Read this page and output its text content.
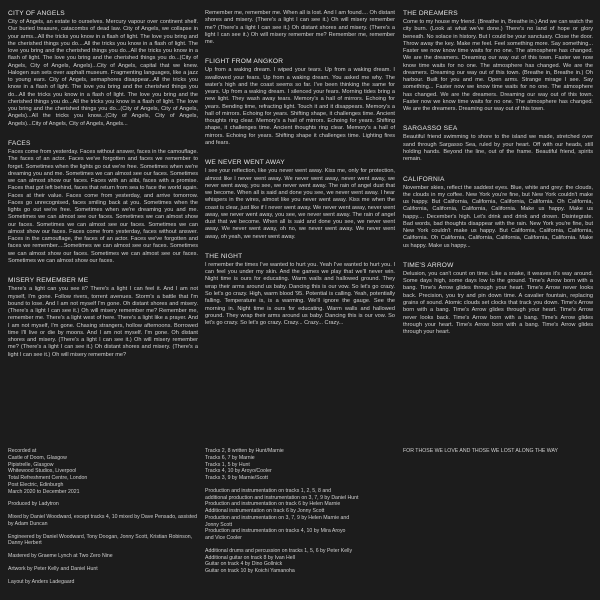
CITY OF ANGELS

City of Angels, an estate to ourselves. Mercury vapour over continent shelf. Our buried treasure, catacombs of dead law. City of Angels, we collapse in your arms...All the tricks you know in a flash of light. The love you bring and the cherished things you do....All the tricks you know in a flash of light. The love you bring and the cherished things you do...All the tricks you know in a flash of light. The love you bring and the cherished things you do...(City of Angels, City of Angels, Angels)...City of Angels, capital that we knew. Halogen sun sets over asphalt museum. Fragmenting languages, like a jazz to young ears. City of Angels, semaphores disappear...All the tricks you know in a flash of light. The love you bring and the cherished things you do...All the tricks you know in a flash of light. The love you bring and the cherished things you do...All the tricks you know in a flash of light. The love you bring and the cherished things you do...(City of Angels, City of Angels, Angels)...All the tricks you know...(City of Angels, City of Angels, Angels)...City of Angels, City of Angels, Angels...

FACES

Faces come from yesterday. Faces without answer, faces in the camouflage. The faces of an actor. Faces we've forgotten and faces we remember to forget. Sometimes when the lights go out we're free. Sometimes when we're dreaming you and me. Sometimes we can almost see our faces. Sometimes we can almost show our faces. Faces with an alibi, faces with a promise. Faces that got left behind, faces that return from sea to face the world again. Faces at their value. Faces come from yesterday, and arrive tomorrow. Faces go unrecognised, faces smiling back at you. Sometimes when the lights go out we're free. Sometimes when we're dreaming you and me. Sometimes we can almost see our faces. Sometimes we can almost show our faces. Sometimes we can almost see our faces. Sometimes we can almost show our faces. Faces come from yesterday, faces without answer. Faces in the camouflage, the faces of an actor. Faces we've forgotten and faces we remember....Sometimes we can almost see our faces. Sometimes we can almost show our faces. Sometimes we can almost see our faces. Sometimes we can almost show our faces.

MISERY REMEMBER ME

There's a light can you see it? There's a light I can feel it. And I am not myself, I'm gone. Follow rivers, torrent avenues. Storm's a battle that I'm bound to lose. And I am not myself I'm gone. Oh distant shores and misery. (There's a light I can see it.) Oh will misery remember me? Remember me, remember me. There's a light west of here. There's a light like a prayer. And I am not myself, I'm gone. Chasing strangers, hollow afternoons. Borrowed time I'll live or die by moons. And I am not myself. I'm gone. Oh distant shores and misery. (There's a light I can see it.) Oh will misery remember me? (There's a light I can see it.) Oh distant shores and misery. (There's a light I can see it.) Oh will misery remember me?

Remember me, remember me. When all is lost. And I am found.... Oh distant shores and misery. (There's a light I can see it.) Oh will misery remember me? (There's a light I can see it.) Oh distant shores and misery. (There's a light I can see it.) Oh will misery remember me? Remember me, remember me.

FLIGHT FROM ANGKOR

Up from a waking dream. I wiped your tears. Up from a waking dream. I swallowed your fears. Up from a waking dream. You asked me why. The water's high and the coast seems so far. I've been thinking the same for years. Up from a waking dream. I silenced your fears. Morning tides bring a new light. They wash away tears. Memory's a hall of mirrors. Echoing for years. Bending time, refracting light. Touch it and it disappears. Memory's a hall of mirrors. Echoing for years. Shifting shape, it challenges time. Ancient thoughts ring clear. Memory's a hall of mirrors. Echoing for years. Shifting shape, it challenges time. Ancient thoughts ring clear. Memory's a hall of mirrors. Echoing for years. Shifting shape it challenges time. Lighting fires and fears.

WE NEVER WENT AWAY

I see your reflection, like you never went away. Kiss me, only for protection, almost like I never went away. We never went away, never went away, we never went away, you see, we never went away. The rain of angel dust that we become. When all is said and done you see, we never went away. I hear whispers in the wires, almost like you never went away. Kiss me when the coast is clear, just like if I never went away. We never went away, never went away, we never went away, you see, we never went away. The rain of angel dust that we become. When all is said and done you see, we never went away. We never went away, oh no, we never went away. We never went away, oh yeah, we never went away.

THE NIGHT

I remember the times I've wanted to hurt you. Yeah I've wanted to hurt you. I can feel you under my skin. And the games we play that we'll never win. Night time is ours for educating. Warm walls and hallowed ground. They wrap their arms around us baby. Dancing this is our vow. So let's go crazy. So let's go crazy. High, warm blood '95. Potential is calling. Yeah, potentially falling. Temperature is, is a warming. We'll ignore the gauge. See the morning in. Night time is ours for educating. Warm walls and hallowed ground. They wrap their arms around us baby. Dancing this is our vow. So let's go crazy. So let's go crazy. Crazy... Crazy... Crazy...

THE DREAMERS

Come to my house my friend. (Breathe in, Breathe in.) And we can watch the city burn. (Look at what we've done.) There's no land of hope or glory beneath. No solace in history. But I could be your sanctuary. Close the door. Throw away the key. Make me feel. Feel something more. Say something... Faster we now know time waits for no one. The atmosphere has changed. We are the dreamers. Dreaming our way out of this town. Faster we now know time waits for no one. The atmosphere has changed. We are the dreamers. Dreaming our way out of this town. (Breathe in, Breathe in.) Oh harbour. Built for you and me. Open arms. Strange mirage I see. Say something... Faster now we know time waits for no one. The atmosphere has changed. We are the dreamers. Dreaming our way out of this town. Faster now we know time waits for no one. The atmosphere has changed. We are the dreamers. Dreaming our way out of this town.

SARGASSO SEA

Beautiful friend swimming to shore to the island we made, stretched over sand through Sargasso Sea, ruled by your heart. Off with our heads, still holding hands. Beyond the line, out of the frame. Beautiful friend, spirits remain.

CALIFORNIA

November skies, reflect the saddest eyes. Blue, white and grey: the clouds, the clouds in my coffee. New York you're fine, but New York couldn't make us happy. But California, California, California, California. Oh California, California, California, California, California. Make us happy. Make us happy.... December's high. Let's drink and drink and drown. Disintegrate. Bad words, bad thoughts disappear with the rain. New York you're fine, but New York couldn't make us happy. But California, California, California, California. Oh California, California, California, California, California. Make us happy. Make us happy...

TIME'S ARROW

Delusion, you can't count on time. Like a snake, it weaves it's way around. Some days high, some days low to the ground. Time's Arrow born with a bang. Time's Arrow glides through your heart. Time's Arrow never looks back. Precision, you try and pin down time. A cavalier fountain, replacing grains of sound. Atomic clouds set clocks that track you down. Time's Arrow born with a bang. Time's Arrow glides through your heart. Time's Arrow never looks back. Time's Arrow born with a bang. Time's Arrow glides through your heart. Time's Arrow born with a bang. Time's Arrow glides through your heart.

Recorded at
Castle of Doom, Glasgow
Pipistrelle, Glasgow
Whitewood Studios, Liverpool
Total Refreshment Centre, London
Post Electric, Edinburgh
March 2020 to December 2021

Produced by Ladytron

Mixed by Daniel Woodward, except tracks 4, 10 mixed by Dave Pensado, assisted by Adam Duncan

Engineered by Daniel Woodward, Tony Doogan, Jonny Scott, Kristian Robinson, Danny Herbert

Mastered by Graeme Lynch at Two Zero Nine

Artwork by Peter Kelly and Daniel Hunt

Layout by Anders Ladegaard

Tracks 2, 8 written by Hunt/Marnie
Tracks 6, 7 by Marnie
Tracks 1, 5 by Hunt
Tracks 4, 10 by Aroyo/Cooler
Tracks 3, 9 by Marnie/Scott

Production and instrumentation on tracks 1, 2, 5, 8 and
additional production and instrumentation on 3, 7, 9 by Daniel Hunt
Production and instrumentation on track 6 by Helen Marnie
Additional instrumentation on track 6 by Jonny Scott
Production and instrumentation on 3, 7, 9 by Helen Marnie and
Jonny Scott
Production and instrumentation on tracks 4, 10 by Mira Aroyo
and Vice Cooler

Additional drums and percussion on tracks 1, 5, 6 by Peter Kelly
Additional guitar on track 8 by Ivan Hell
Guitar on track 4 by Dino Gollnick
Guitar on track 10 by Koichi Yamanoha

FOR THOSE WE LOVE AND THOSE WE LOST ALONG THE WAY
